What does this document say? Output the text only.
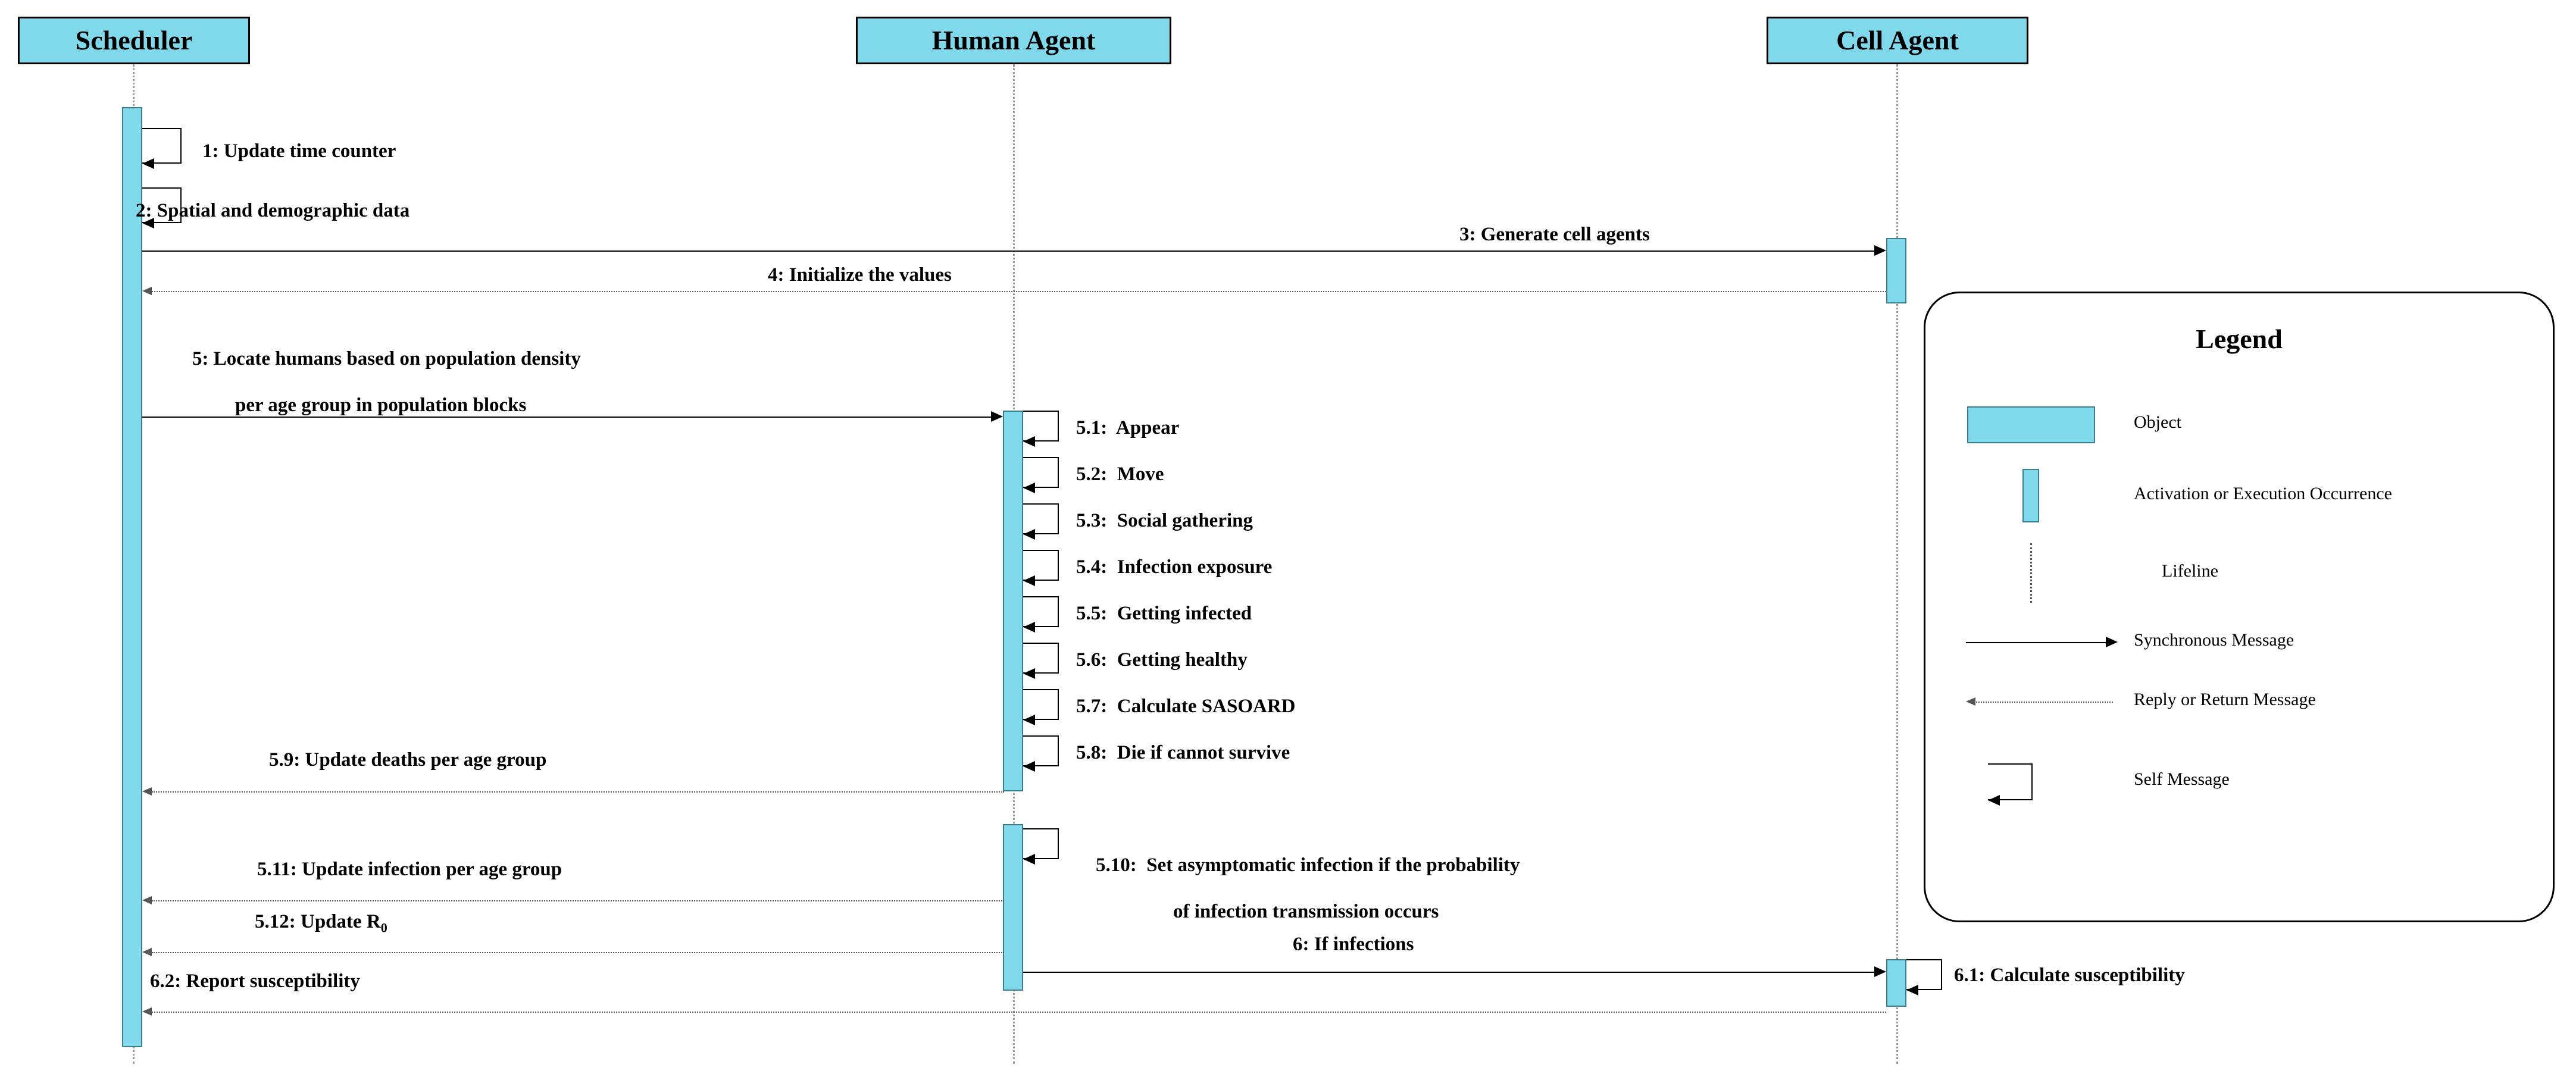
Scheduler	Human Agent	Cell Agent
1: Update time counter
2: Spatial and demographic data
3: Generate cell agents
4: Initialize the values

5: Locate humans based on population density

per age group in population blocks

5.1:  Appear
5.2:  Move
5.3:  Social gathering
5.4:  Infection exposure
5.5:  Getting infected
5.6:  Getting healthy
5.7:  Calculate SASOARD
5.8:  Die if cannot survive
5.9: Update deaths per age group

5.10:  Set asymptomatic infection if the probability

of infection transmission occurs

5.11: Update infection per age group
5.12: Update $R_0$
6: If infections
6.1: Calculate susceptibility
6.2: Report susceptibility
Legend
Object
Activation or Execution Occurrence
Lifeline
Synchronous Message
Reply or Return Message
Self Message
